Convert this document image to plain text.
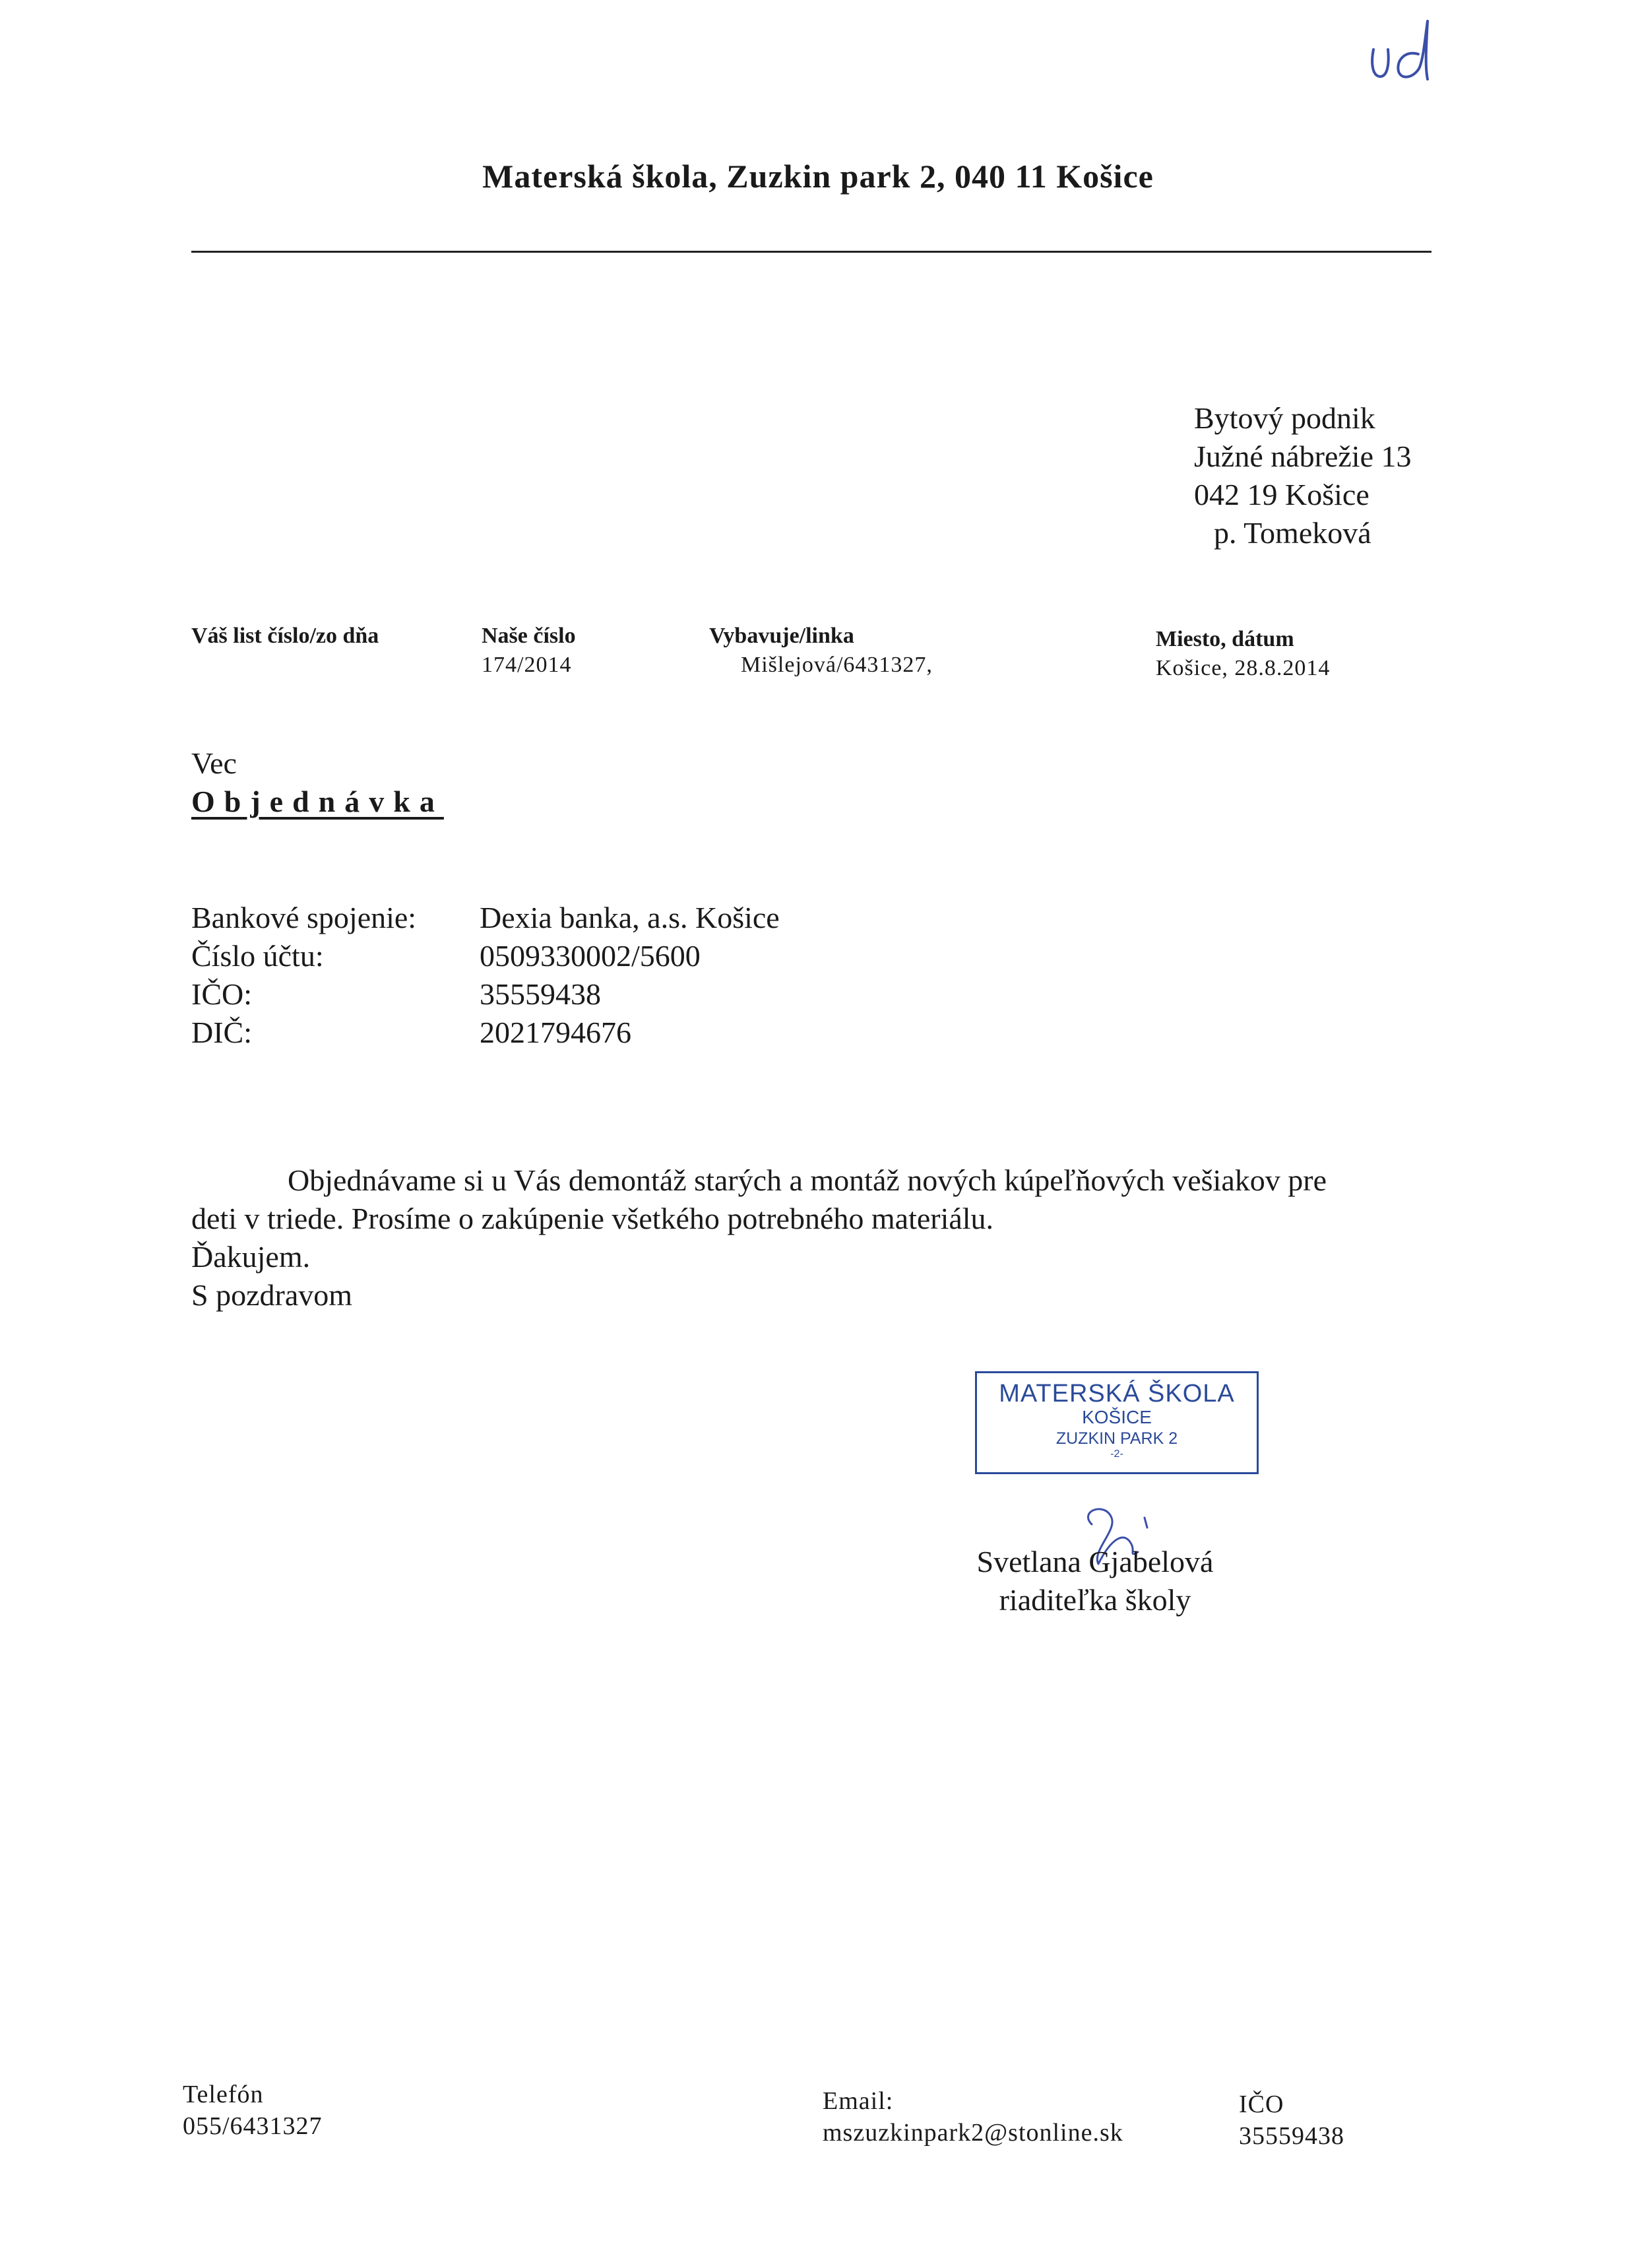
Materská škola, Zuzkin park 2, 040 11 Košice
Bytový podnik
Južné nábrežie 13
042 19 Košice
p. Tomeková
Váš list číslo/zo dňa	Naše číslo
174/2014
Vybavuje/linka
Mišlejová/6431327,
Miesto, dátum
Košice, 28.8.2014
Vec
Objednávka
Bankové spojenie:
Číslo účtu:
IČO:
DIČ:
Dexia banka, a.s. Košice
0509330002/5600
35559438
2021794676
Objednávame si u Vás demontáž starých a montáž nových kúpeľňových vešiakov pre
deti v triede. Prosíme o zakúpenie všetkého potrebného materiálu.
Ďakujem.
S pozdravom
MATERSKÁ ŠKOLA
KOŠICE
ZUZKIN PARK 2
-2-
Svetlana Gjabelová
riaditeľka školy
Telefón
055/6431327
Email:
mszuzkinpark2@stonline.sk
IČO
35559438
